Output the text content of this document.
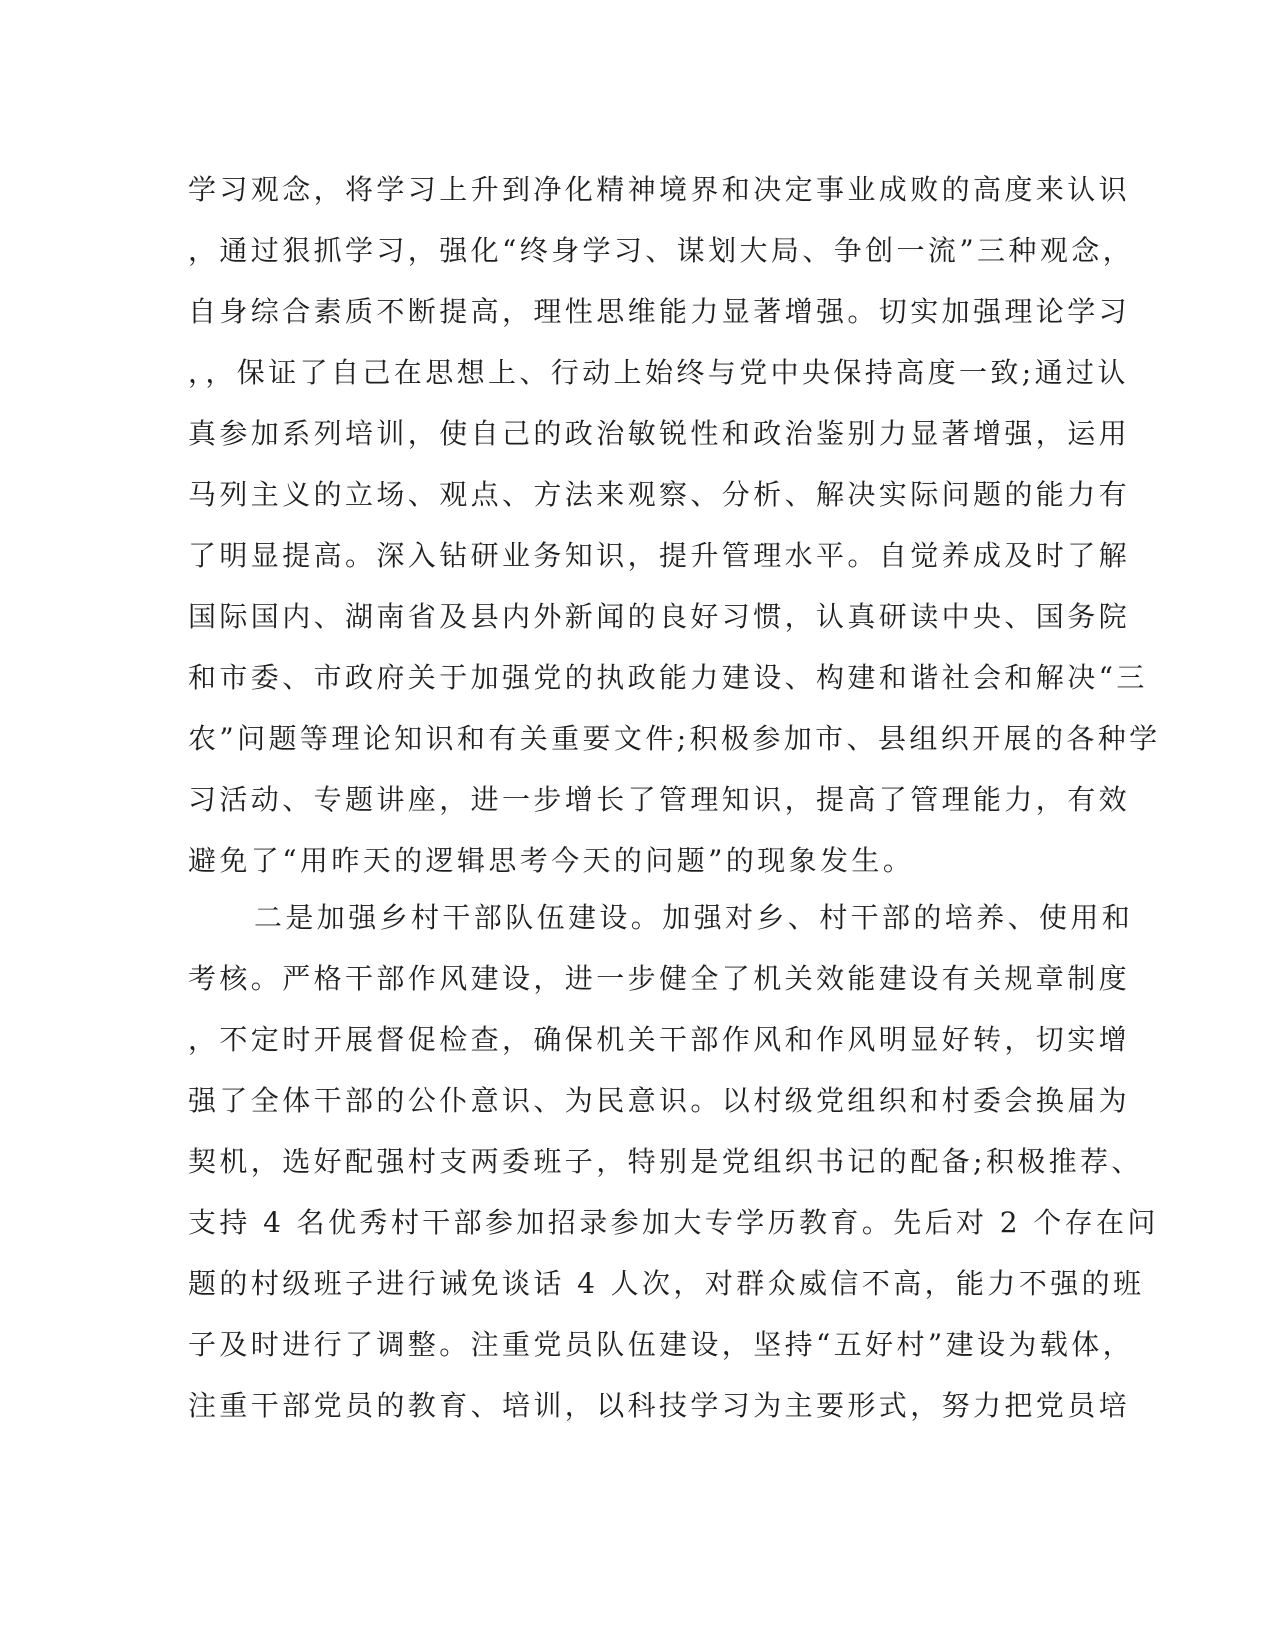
学习观念，将学习上升到净化精神境界和决定事业成败的高度来认识
，通过狠抓学习，强化“终身学习、谋划大局、争创一流”三种观念，
自身综合素质不断提高，理性思维能力显著增强。切实加强理论学习
，，保证了自己在思想上、行动上始终与党中央保持高度一致;通过认
真参加系列培训，使自己的政治敏锐性和政治鉴别力显著增强，运用
马列主义的立场、观点、方法来观察、分析、解决实际问题的能力有
了明显提高。深入钻研业务知识，提升管理水平。自觉养成及时了解
国际国内、湖南省及县内外新闻的良好习惯，认真研读中央、国务院
和市委、市政府关于加强党的执政能力建设、构建和谐社会和解决“三
农”问题等理论知识和有关重要文件;积极参加市、县组织开展的各种学
习活动、专题讲座，进一步增长了管理知识，提高了管理能力，有效
避免了“用昨天的逻辑思考今天的问题”的现象发生。
二是加强乡村干部队伍建设。加强对乡、村干部的培养、使用和
考核。严格干部作风建设，进一步健全了机关效能建设有关规章制度
，不定时开展督促检查，确保机关干部作风和作风明显好转，切实增
强了全体干部的公仆意识、为民意识。以村级党组织和村委会换届为
契机，选好配强村支两委班子，特别是党组织书记的配备;积极推荐、
支持 4 名优秀村干部参加招录参加大专学历教育。先后对 2 个存在问
题的村级班子进行诫免谈话 4 人次，对群众威信不高，能力不强的班
子及时进行了调整。注重党员队伍建设，坚持“五好村”建设为载体，
注重干部党员的教育、培训，以科技学习为主要形式，努力把党员培
